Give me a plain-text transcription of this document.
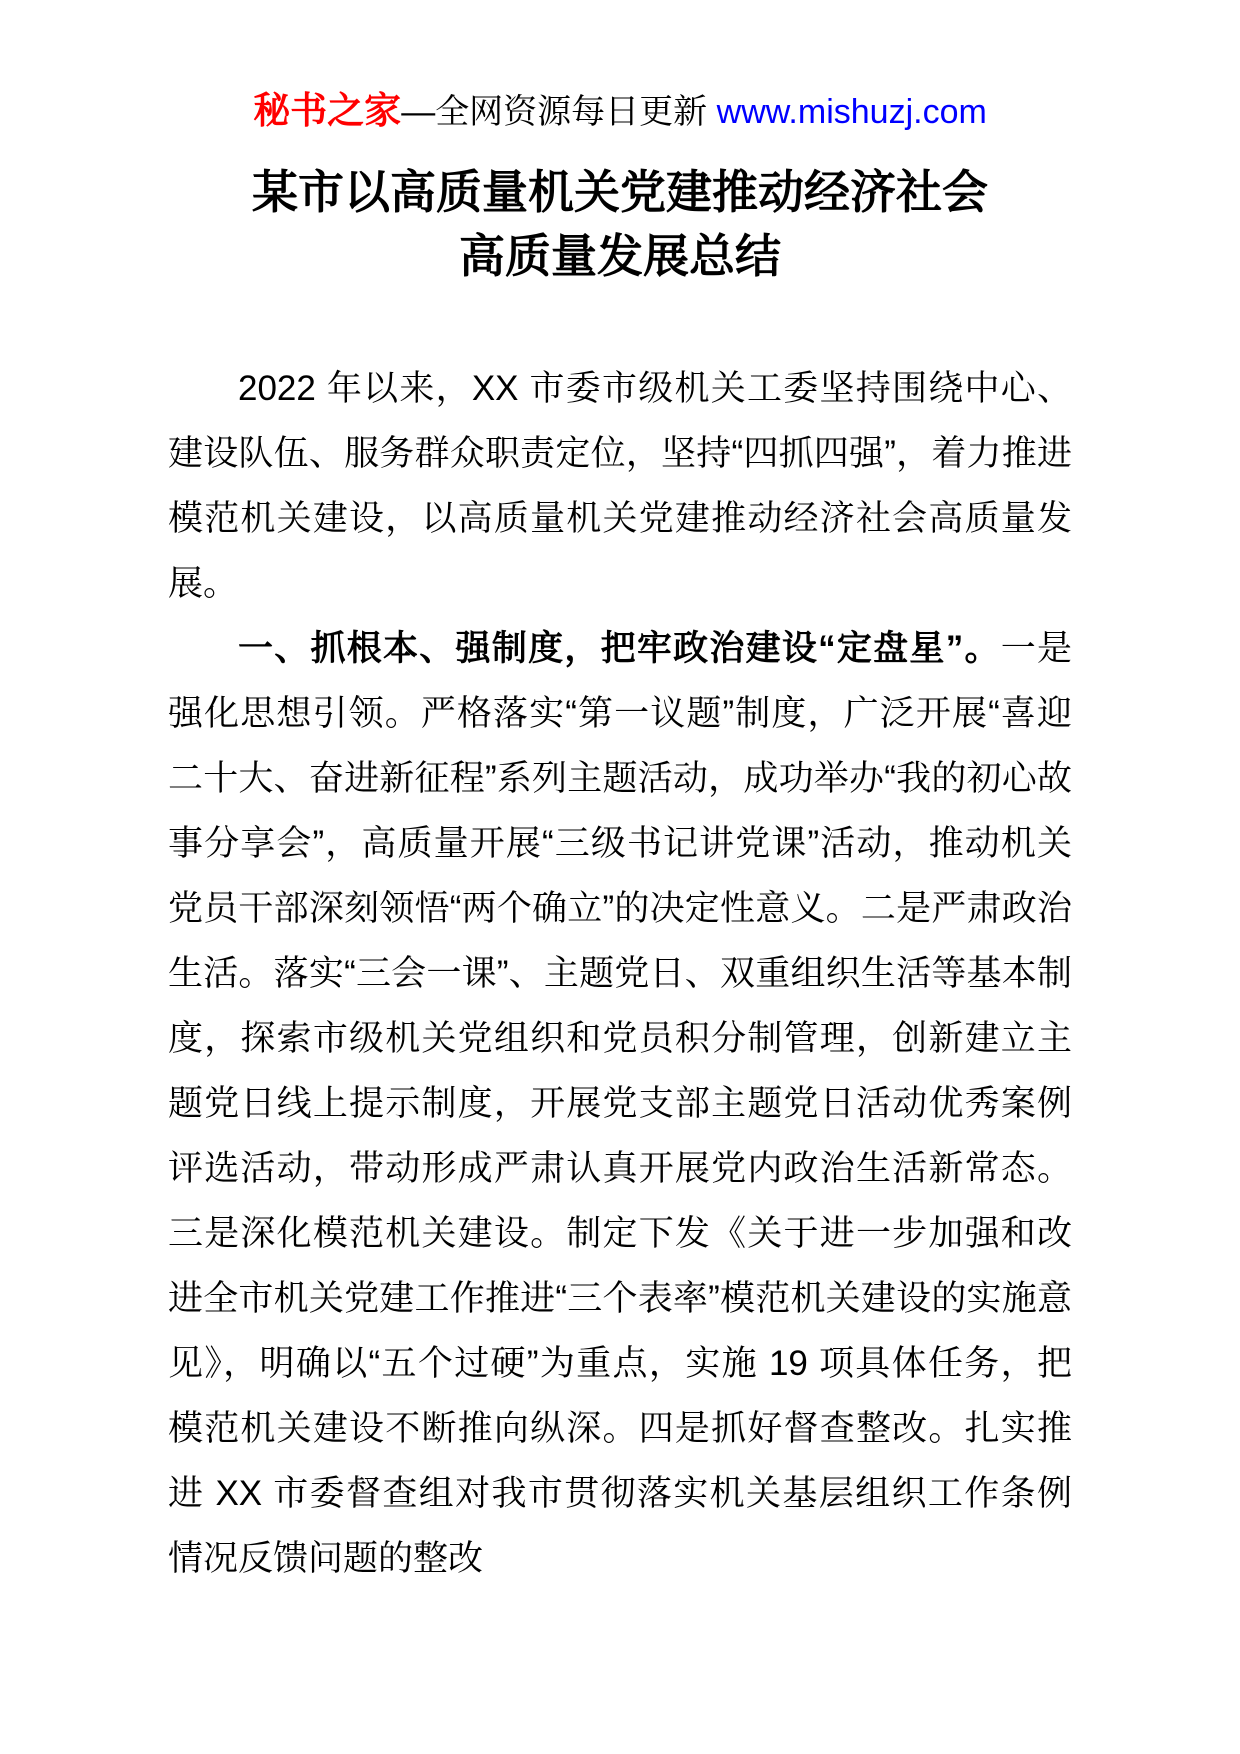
秘书之家—全网资源每日更新 www.mishuzj.com
某市以高质量机关党建推动经济社会
高质量发展总结

2022 年以来，XX 市委市级机关工委坚持围绕中心、建设队伍、服务群众职责定位，坚持“四抓四强”，着力推进模范机关建设，以高质量机关党建推动经济社会高质量发展。

一、抓根本、强制度，把牢政治建设“定盘星”。一是强化思想引领。严格落实“第一议题”制度，广泛开展“喜迎二十大、奋进新征程”系列主题活动，成功举办“我的初心故事分享会”，高质量开展“三级书记讲党课”活动，推动机关党员干部深刻领悟“两个确立”的决定性意义。二是严肃政治生活。落实“三会一课”、主题党日、双重组织生活等基本制度，探索市级机关党组织和党员积分制管理，创新建立主题党日线上提示制度，开展党支部主题党日活动优秀案例评选活动，带动形成严肃认真开展党内政治生活新常态。三是深化模范机关建设。制定下发《关于进一步加强和改进全市机关党建工作推进“三个表率”模范机关建设的实施意见》，明确以“五个过硬”为重点，实施 19 项具体任务，把模范机关建设不断推向纵深。四是抓好督查整改。扎实推进 XX 市委督查组对我市贯彻落实机关基层组织工作条例情况反馈问题的整改
